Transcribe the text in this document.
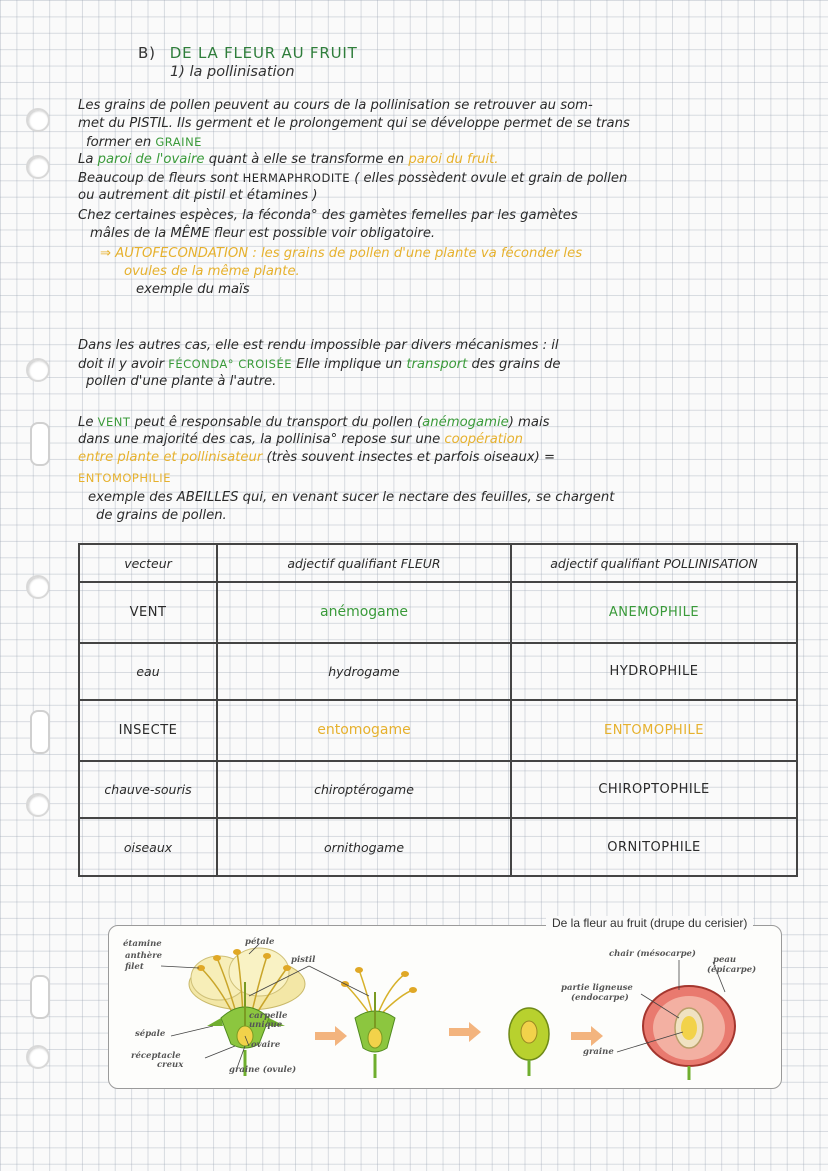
B) DE LA FLEUR AU FRUIT
1) la pollinisation
Les grains de pollen peuvent au cours de la pollinisation se retrouver au som-
met du PISTIL. Ils germent et le prolongement qui se développe permet de se trans
former en GRAINE
La paroi de l'ovaire quant à elle se transforme en paroi du fruit.
Beaucoup de fleurs sont HERMAPHRODITE ( elles possèdent ovule et grain de pollen
ou autrement dit pistil et étamines )
Chez certaines espèces, la féconda° des gamètes femelles par les gamètes
mâles de la MÊME fleur est possible voir obligatoire.
⇒ AUTOFECONDATION : les grains de pollen d'une plante va féconder les
ovules de la même plante.
exemple du maïs
Dans les autres cas, elle est rendu impossible par divers mécanismes : il
doit il y avoir FÉCONDA° CROISÉE Elle implique un transport des grains de
pollen d'une plante à l'autre.
Le VENT peut ê responsable du transport du pollen (anémogamie) mais
dans une majorité des cas, la pollinisa° repose sur une coopération
entre plante et pollinisateur (très souvent insectes et parfois oiseaux) =
ENTOMOPHILIE
exemple des ABEILLES qui, en venant sucer le nectare des feuilles, se chargent
de grains de pollen.
vecteur	adjectif qualifiant FLEUR	adjectif qualifiant POLLINISATION
VENT	anémogame	ANEMOPHILE
eau	hydrogame	HYDROPHILE
INSECTE	entomogame	ENTOMOPHILE
chauve-souris	chiroptérogame	CHIROPTOPHILE
oiseaux	ornithogame	ORNITOPHILE
étamine
anthère
filet
pétale
pistil
carpelle
unique
sépale
ovaire
réceptacle
creux	graine (ovule)
chair (mésocarpe)
peau
(épicarpe)
partie ligneuse
(endocarpe)
graine
De la fleur au fruit (drupe du cerisier)
